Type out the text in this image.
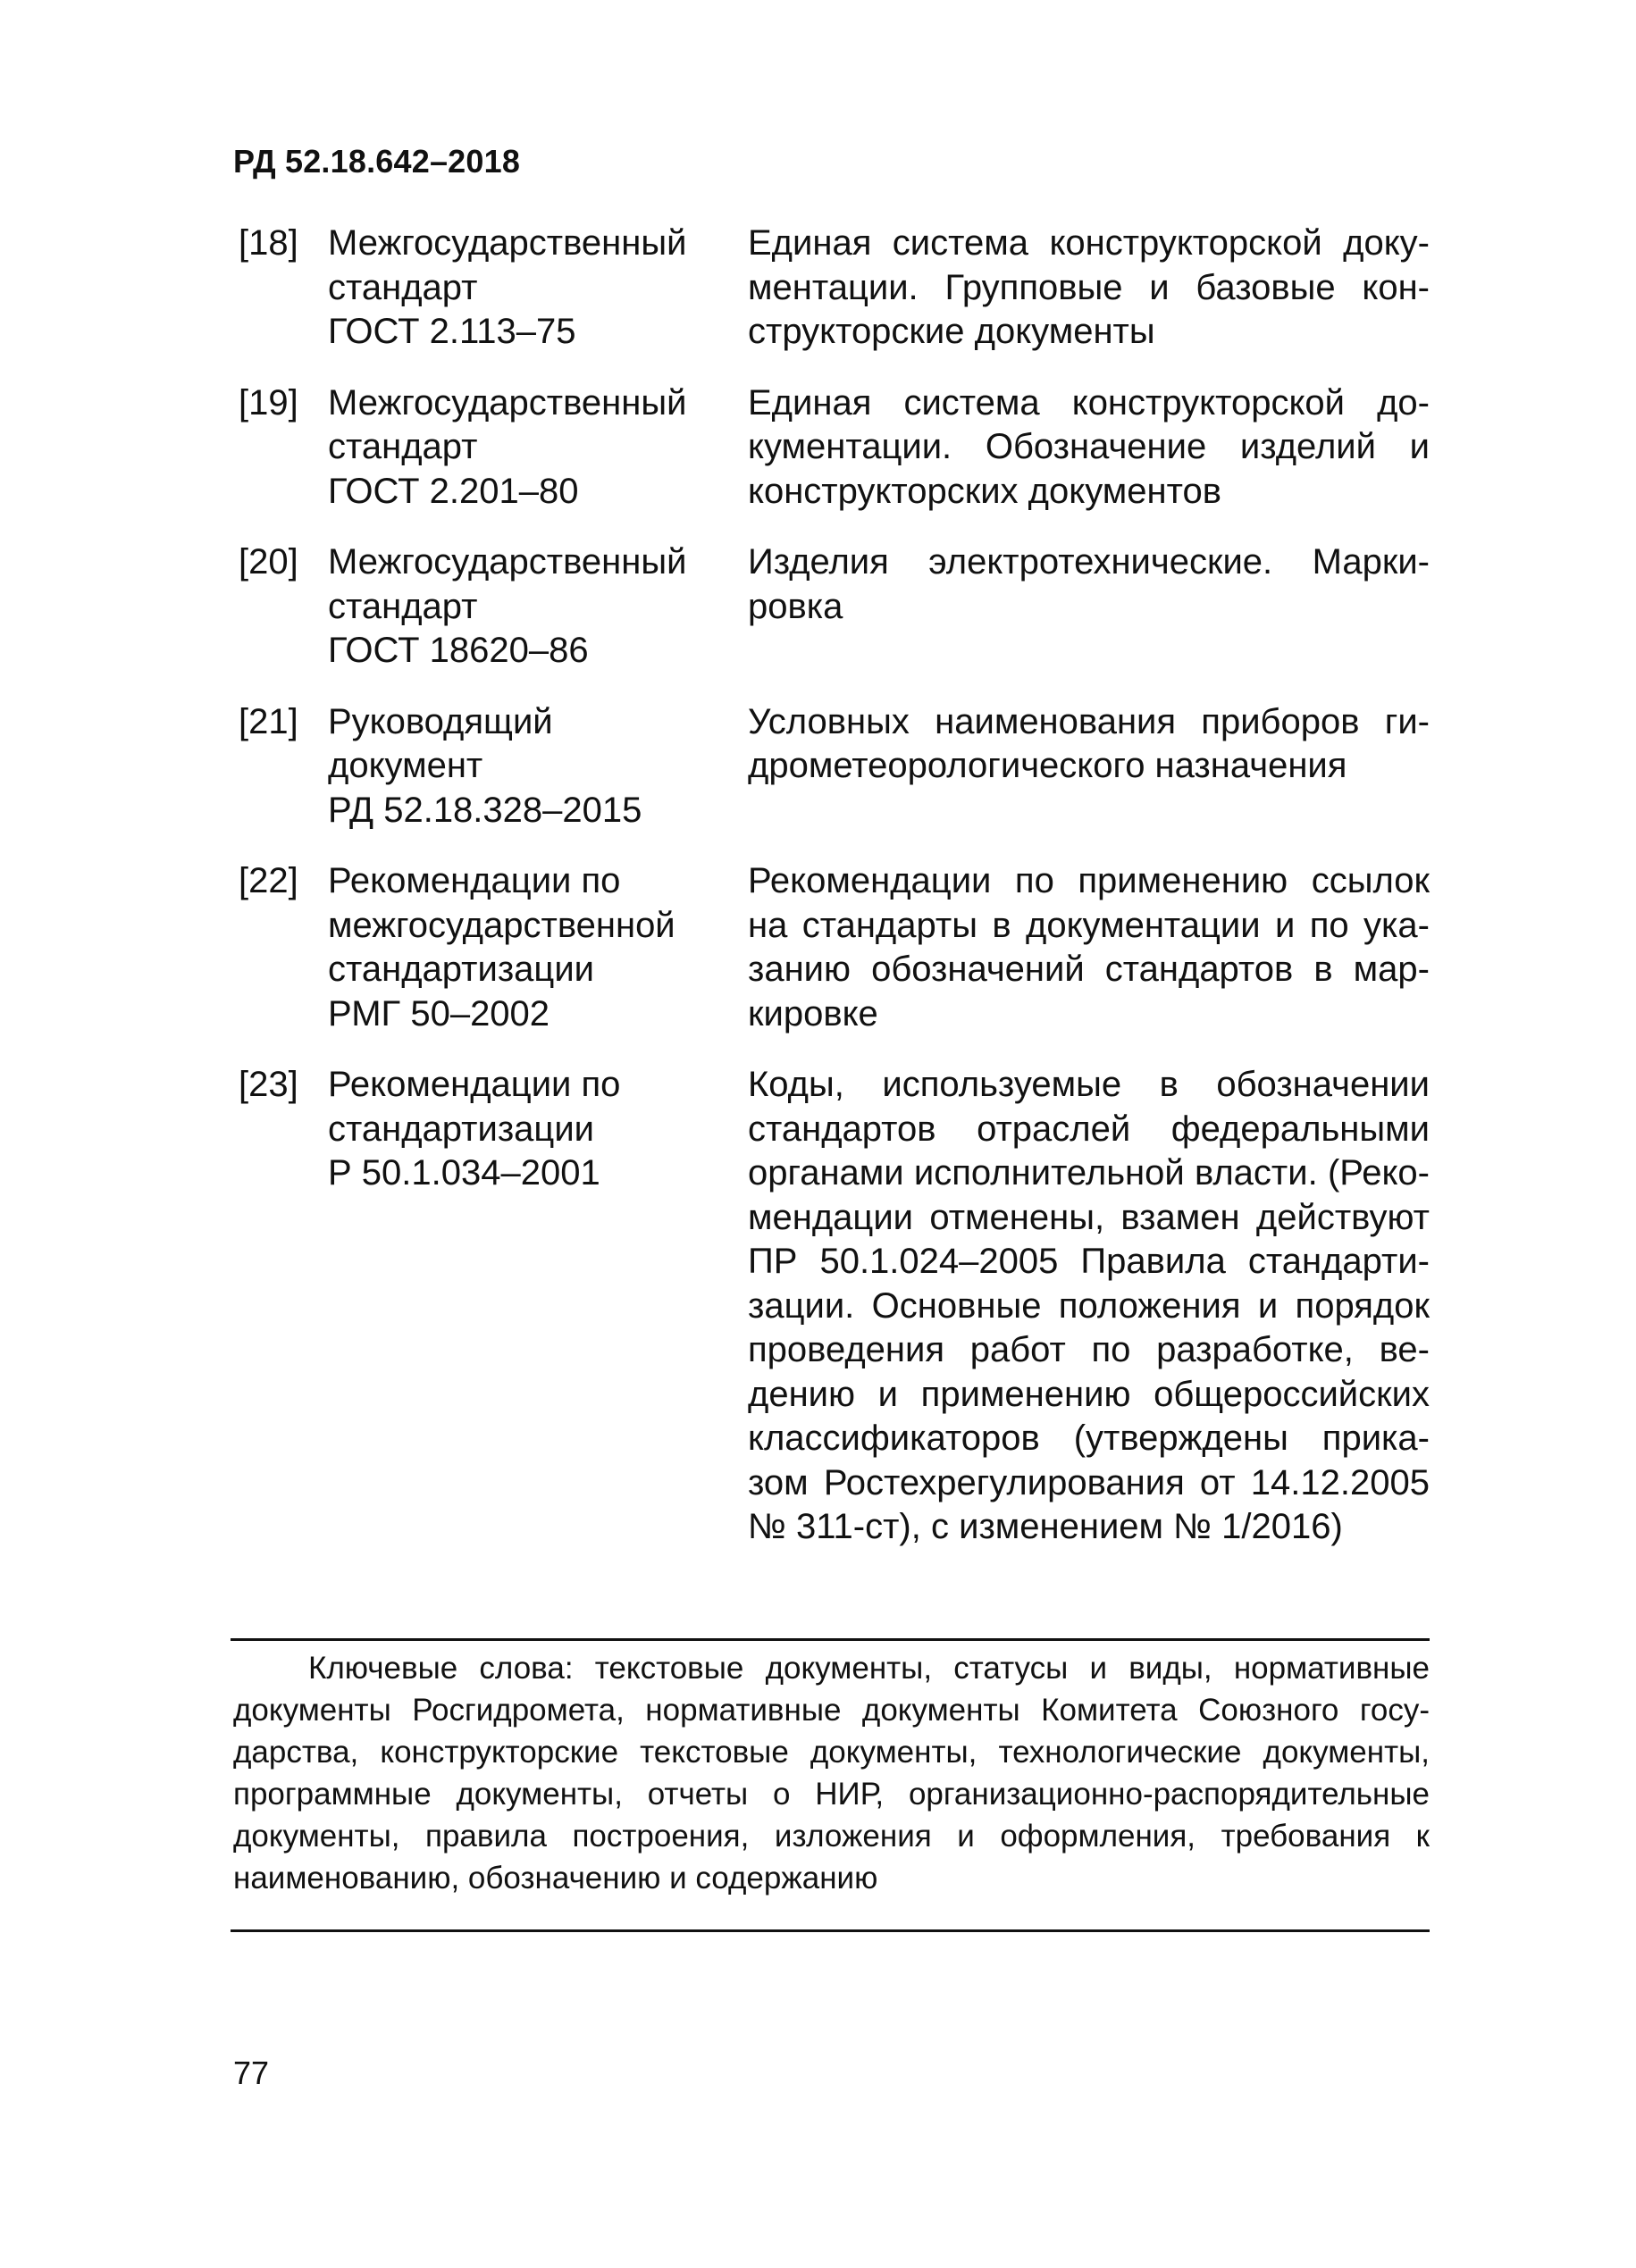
РД 52.18.642–2018
[18] Межгосударственный
стандарт
ГОСТ 2.113–75
Единая система конструкторской документации. Групповые и базовые конструкторские документы
[19] Межгосударственный
стандарт
ГОСТ 2.201–80
Единая система конструкторской документации. Обозначение изделий и конструкторских документов
[20] Межгосударственный
стандарт
ГОСТ 18620–86
Изделия электротехнические. Маркировка
[21] Руководящий
документ
РД 52.18.328–2015
Условных наименования приборов гидрометеорологического назначения
[22] Рекомендации по
межгосударственной
стандартизации
РМГ 50–2002
Рекомендации по применению ссылок на стандарты в документации и по указанию обозначений стандартов в маркировке
[23] Рекомендации по
стандартизации
Р 50.1.034–2001
Коды, используемые в обозначении стандартов отраслей федеральными органами исполнительной власти. (Рекомендации отменены, взамен действуют ПР 50.1.024–2005 Правила стандартизации. Основные положения и порядок проведения работ по разработке, ведению и применению общероссийских классификаторов (утверждены приказом Ростехрегулирования от 14.12.2005 № 311-ст), с изменением № 1/2016)
Ключевые слова: текстовые документы, статусы и виды, нормативные документы Росгидромета, нормативные документы Комитета Союзного государства, конструкторские текстовые документы, технологические документы, программные документы, отчеты о НИР, организационно-распорядительные документы, правила построения, изложения и оформления, требования к наименованию, обозначению и содержанию
77
